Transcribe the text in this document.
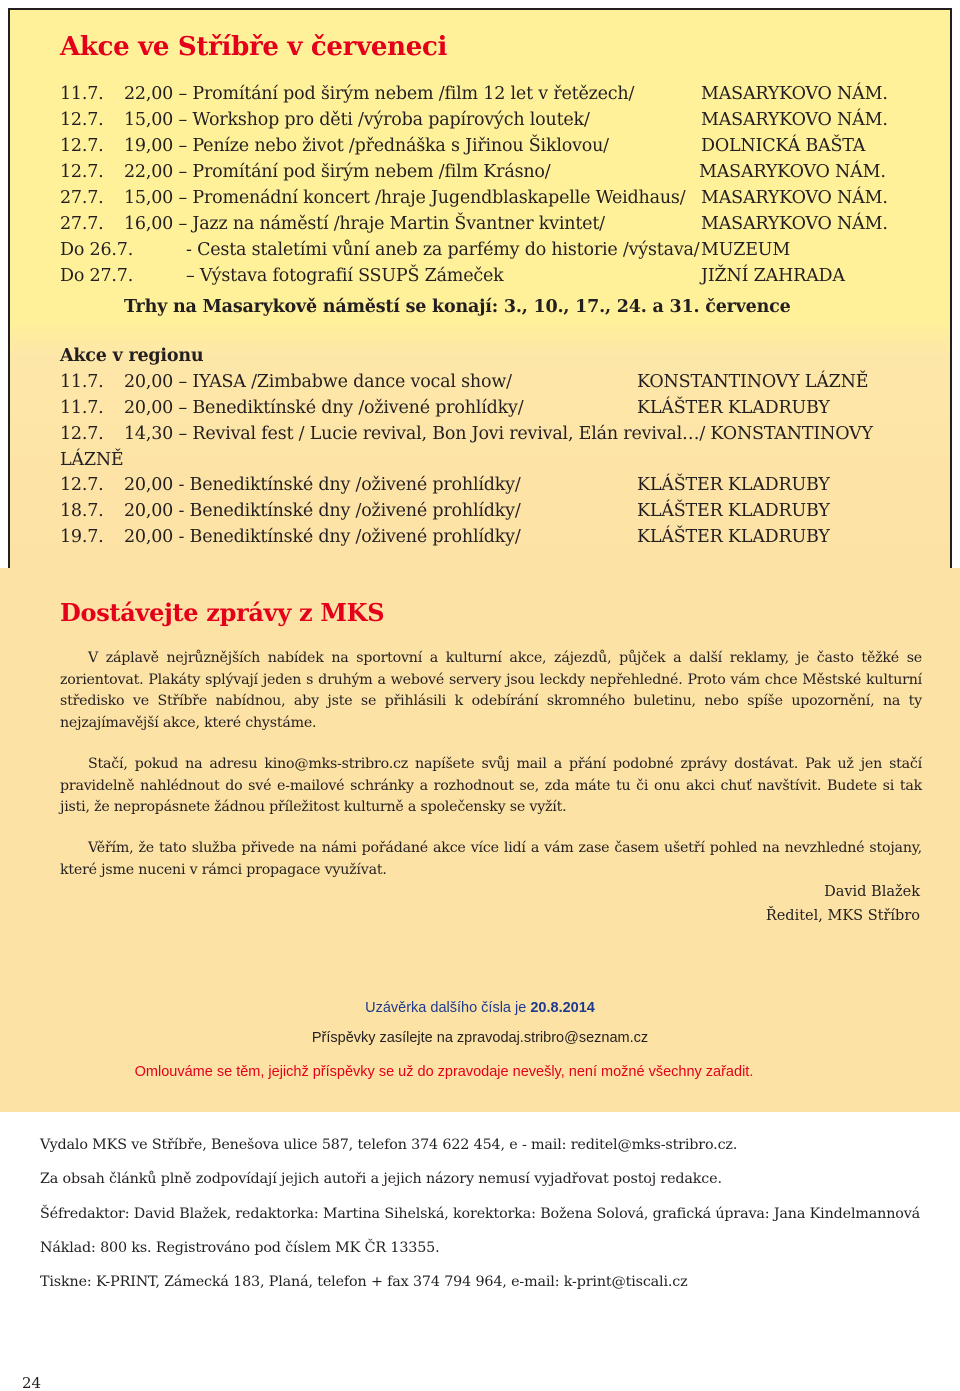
Akce ve Stříbře v červeneci
11.7. 22,00 – Promítání pod širým nebem /film 12 let v řetězech/	MASARYKOVO NÁM.
12.7. 15,00 – Workshop pro děti /výroba papírových loutek/	MASARYKOVO NÁM.
12.7. 19,00 – Peníze nebo život /přednáška s Jiřinou Šiklovou/	DOLNICKÁ BAŠTA
12.7. 22,00 – Promítání pod širým nebem /film Krásno/	MASARYKOVO NÁM.
27.7. 15,00 – Promenádní koncert /hraje Jugendblaskapelle Weidhaus/ MASARYKOVO NÁM.
27.7. 16,00 – Jazz na náměstí /hraje Martin Švantner kvintet/	MASARYKOVO NÁM.
Do 26.7.	- Cesta staletími vůní aneb za parfémy do historie /výstava/ MUZEUM
Do 27.7.	– Výstava fotografií SSUPŠ Zámeček	JIŽNÍ ZAHRADA
Trhy na Masarykově náměstí se konají: 3., 10., 17., 24. a 31. července
Akce v regionu
11.7. 20,00 – IYASA /Zimbabwe dance vocal show/	KONSTANTINOVY LÁZNĚ
11.7. 20,00 – Benediktínské dny /oživené prohlídky/	KLÁŠTER KLADRUBY
12.7. 14,30 – Revival fest / Lucie revival, Bon Jovi revival, Elán revival…/ KONSTANTINOVY
LÁZNĚ
12.7. 20,00 - Benediktínské dny /oživené prohlídky/	KLÁŠTER KLADRUBY
18.7. 20,00 - Benediktínské dny /oživené prohlídky/	KLÁŠTER KLADRUBY
19.7. 20,00 - Benediktínské dny /oživené prohlídky/	KLÁŠTER KLADRUBY
Dostávejte zprávy z MKS
V záplavě nejrůznějších nabídek na sportovní a kulturní akce, zájezdů, půjček a další reklamy, je často těžké se zorientovat. Plakáty splývají jeden s druhým a webové servery jsou leckdy nepřehledné. Proto vám chce Městské kulturní středisko ve Stříbře nabídnou, aby jste se přihlásili k odebírání skromného buletinu, nebo spíše upozornění, na ty nejzajímavější akce, které chystáme.
Stačí, pokud na adresu kino@mks-stribro.cz napíšete svůj mail a přání podobné zprávy dostávat. Pak už jen stačí pravidelně nahlédnout do své e-mailové schránky a rozhodnout se, zda máte tu či onu akci chuť navštívit. Budete si tak jisti, že nepropásnete žádnou příležitost kulturně a společensky se vyžít.
Věřím, že tato služba přivede na námi pořádané akce více lidí a vám zase časem ušetří pohled na nevzhledné stojany, které jsme nuceni v rámci propagace využívat.
David Blažek
Ředitel, MKS Stříbro
Uzávěrka dalšího čísla je 20.8.2014
Příspěvky zasílejte na zpravodaj.stribro@seznam.cz
Omlouváme se těm, jejichž příspěvky se už do zpravodaje nevešly, není možné všechny zařadit.
Vydalo MKS ve Stříbře, Benešova ulice 587, telefon 374 622 454, e - mail: reditel@mks-stribro.cz.
Za obsah článků plně zodpovídají jejich autoři a jejich názory nemusí vyjadřovat postoj redakce.
Šéfredaktor: David Blažek, redaktorka: Martina Sihelská, korektorka: Božena Solová, grafická úprava: Jana Kindelmannová
Náklad: 800 ks. Registrováno pod číslem MK ČR 13355.
Tiskne: K-PRINT, Zámecká 183, Planá, telefon + fax 374 794 964, e-mail: k-print@tiscali.cz
24
